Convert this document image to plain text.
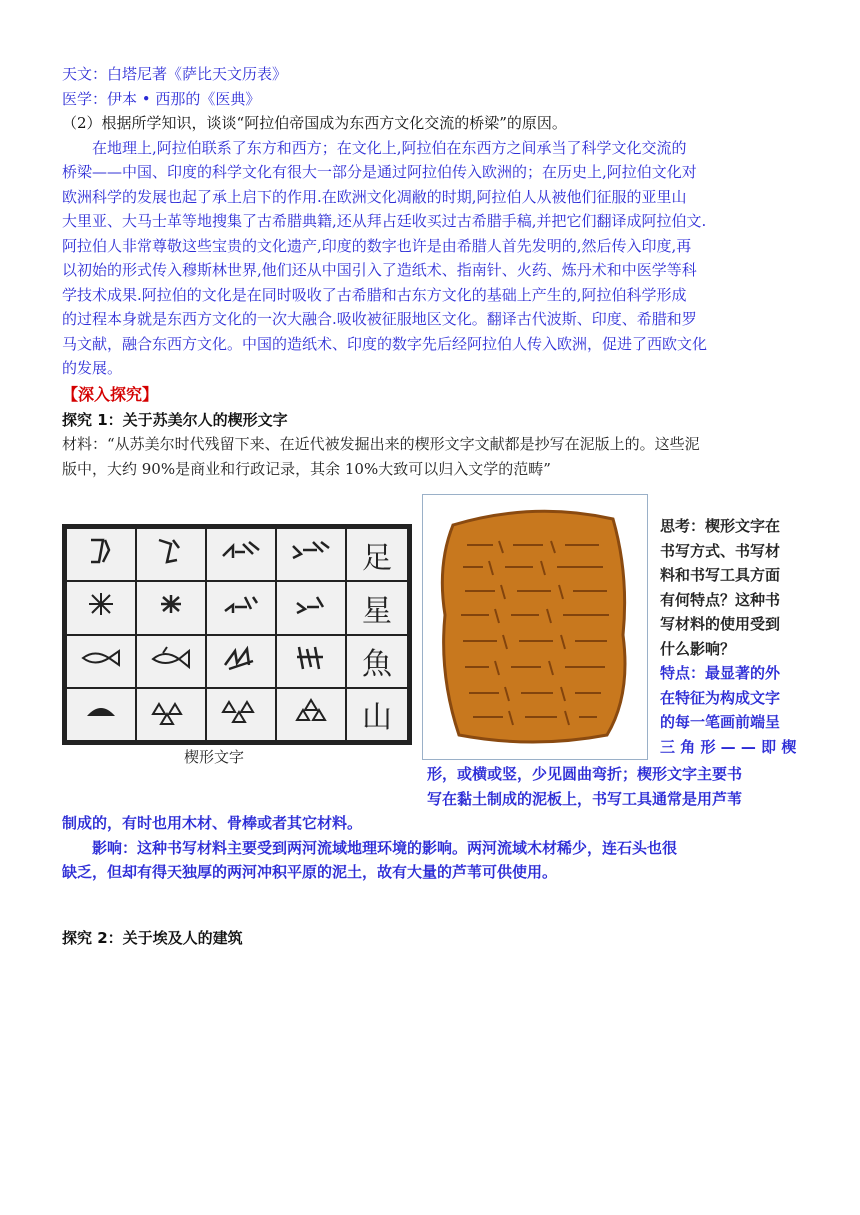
天文：白塔尼著《萨比天文历表》

医学：伊本 • 西那的《医典》

（2）根据所学知识，谈谈“阿拉伯帝国成为东西方文化交流的桥梁”的原因。

　　在地理上,阿拉伯联系了东方和西方；在文化上,阿拉伯在东西方之间承当了科学文化交流的

桥梁——中国、印度的科学文化有很大一部分是通过阿拉伯传入欧洲的；在历史上,阿拉伯文化对

欧洲科学的发展也起了承上启下的作用.在欧洲文化凋敝的时期,阿拉伯人从被他们征服的亚里山

大里亚、大马士革等地搜集了古希腊典籍,还从拜占廷收买过古希腊手稿,并把它们翻译成阿拉伯文.

阿拉伯人非常尊敬这些宝贵的文化遗产,印度的数字也许是由希腊人首先发明的,然后传入印度,再

以初始的形式传入穆斯林世界,他们还从中国引入了造纸术、指南针、火药、炼丹术和中医学等科

学技术成果.阿拉伯的文化是在同时吸收了古希腊和古东方文化的基础上产生的,阿拉伯科学形成

的过程本身就是东西方文化的一次大融合.吸收被征服地区文化。翻译古代波斯、印度、希腊和罗

马文献，融合东西方文化。中国的造纸术、印度的数字先后经阿拉伯人传入欧洲，促进了西欧文化

的发展。

【深入探究】

探究 1：关于苏美尔人的楔形文字

材料：“从苏美尔时代残留下来、在近代被发掘出来的楔形文字文献都是抄写在泥版上的。这些泥

版中，大约 90%是商业和行政记录，其余 10%大致可以归入文学的范畴”

				足
				星
				魚
				山
楔形文字
思考：楔形文字在
书写方式、书写材
料和书写工具方面
有何特点？这种书
写材料的使用受到
什么影响？
特点：最显著的外
在特征为构成文字
的每一笔画前端呈
三 角 形 — — 即 楔

形，或横或竖，少见圆曲弯折；楔形文字主要书

写在黏土制成的泥板上，书写工具通常是用芦苇

制成的，有时也用木材、骨棒或者其它材料。

　　影响：这种书写材料主要受到两河流域地理环境的影响。两河流域木材稀少，连石头也很

缺乏，但却有得天独厚的两河冲积平原的泥土，故有大量的芦苇可供使用。

探究 2：关于埃及人的建筑
